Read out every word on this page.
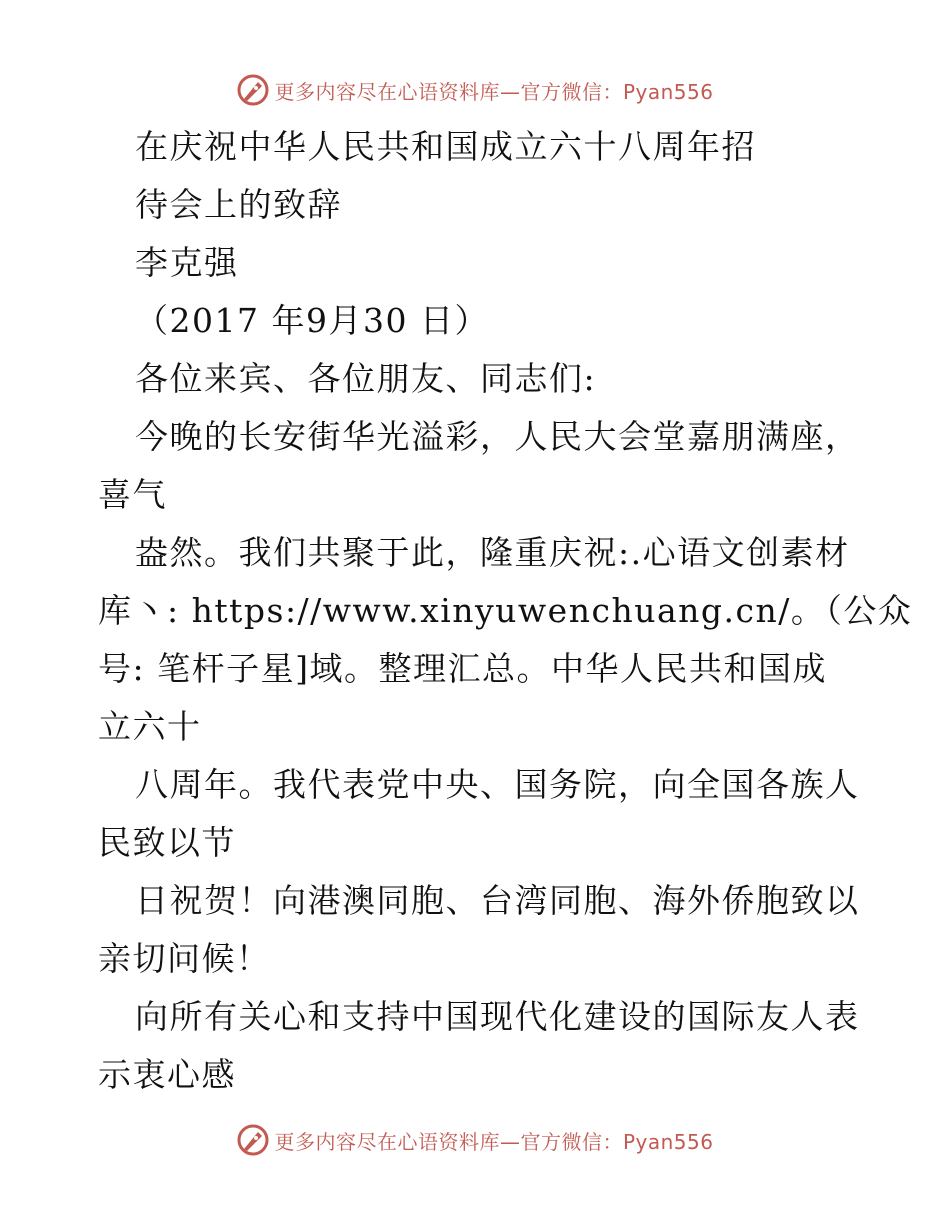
更多内容尽在心语资料库—官方微信：Pyan556
在庆祝中华人民共和国成立六十八周年招
待会上的致辞
李克强
（2017 年9月30 日）
各位来宾、各位朋友、同志们:
今晚的长安街华光溢彩，人民大会堂嘉朋满座，
喜气
盎然。我们共聚于此，隆重庆祝:.心语文创素材
库丶: https://www.xinyuwenchuang.cn/。（公众
号: 笔杆子星]域。整理汇总。中华人民共和国成
立六十
八周年。我代表党中央、国务院，向全国各族人
民致以节
日祝贺！向港澳同胞、台湾同胞、海外侨胞致以
亲切问候！
向所有关心和支持中国现代化建设的国际友人表
示衷心感
更多内容尽在心语资料库—官方微信：Pyan556
